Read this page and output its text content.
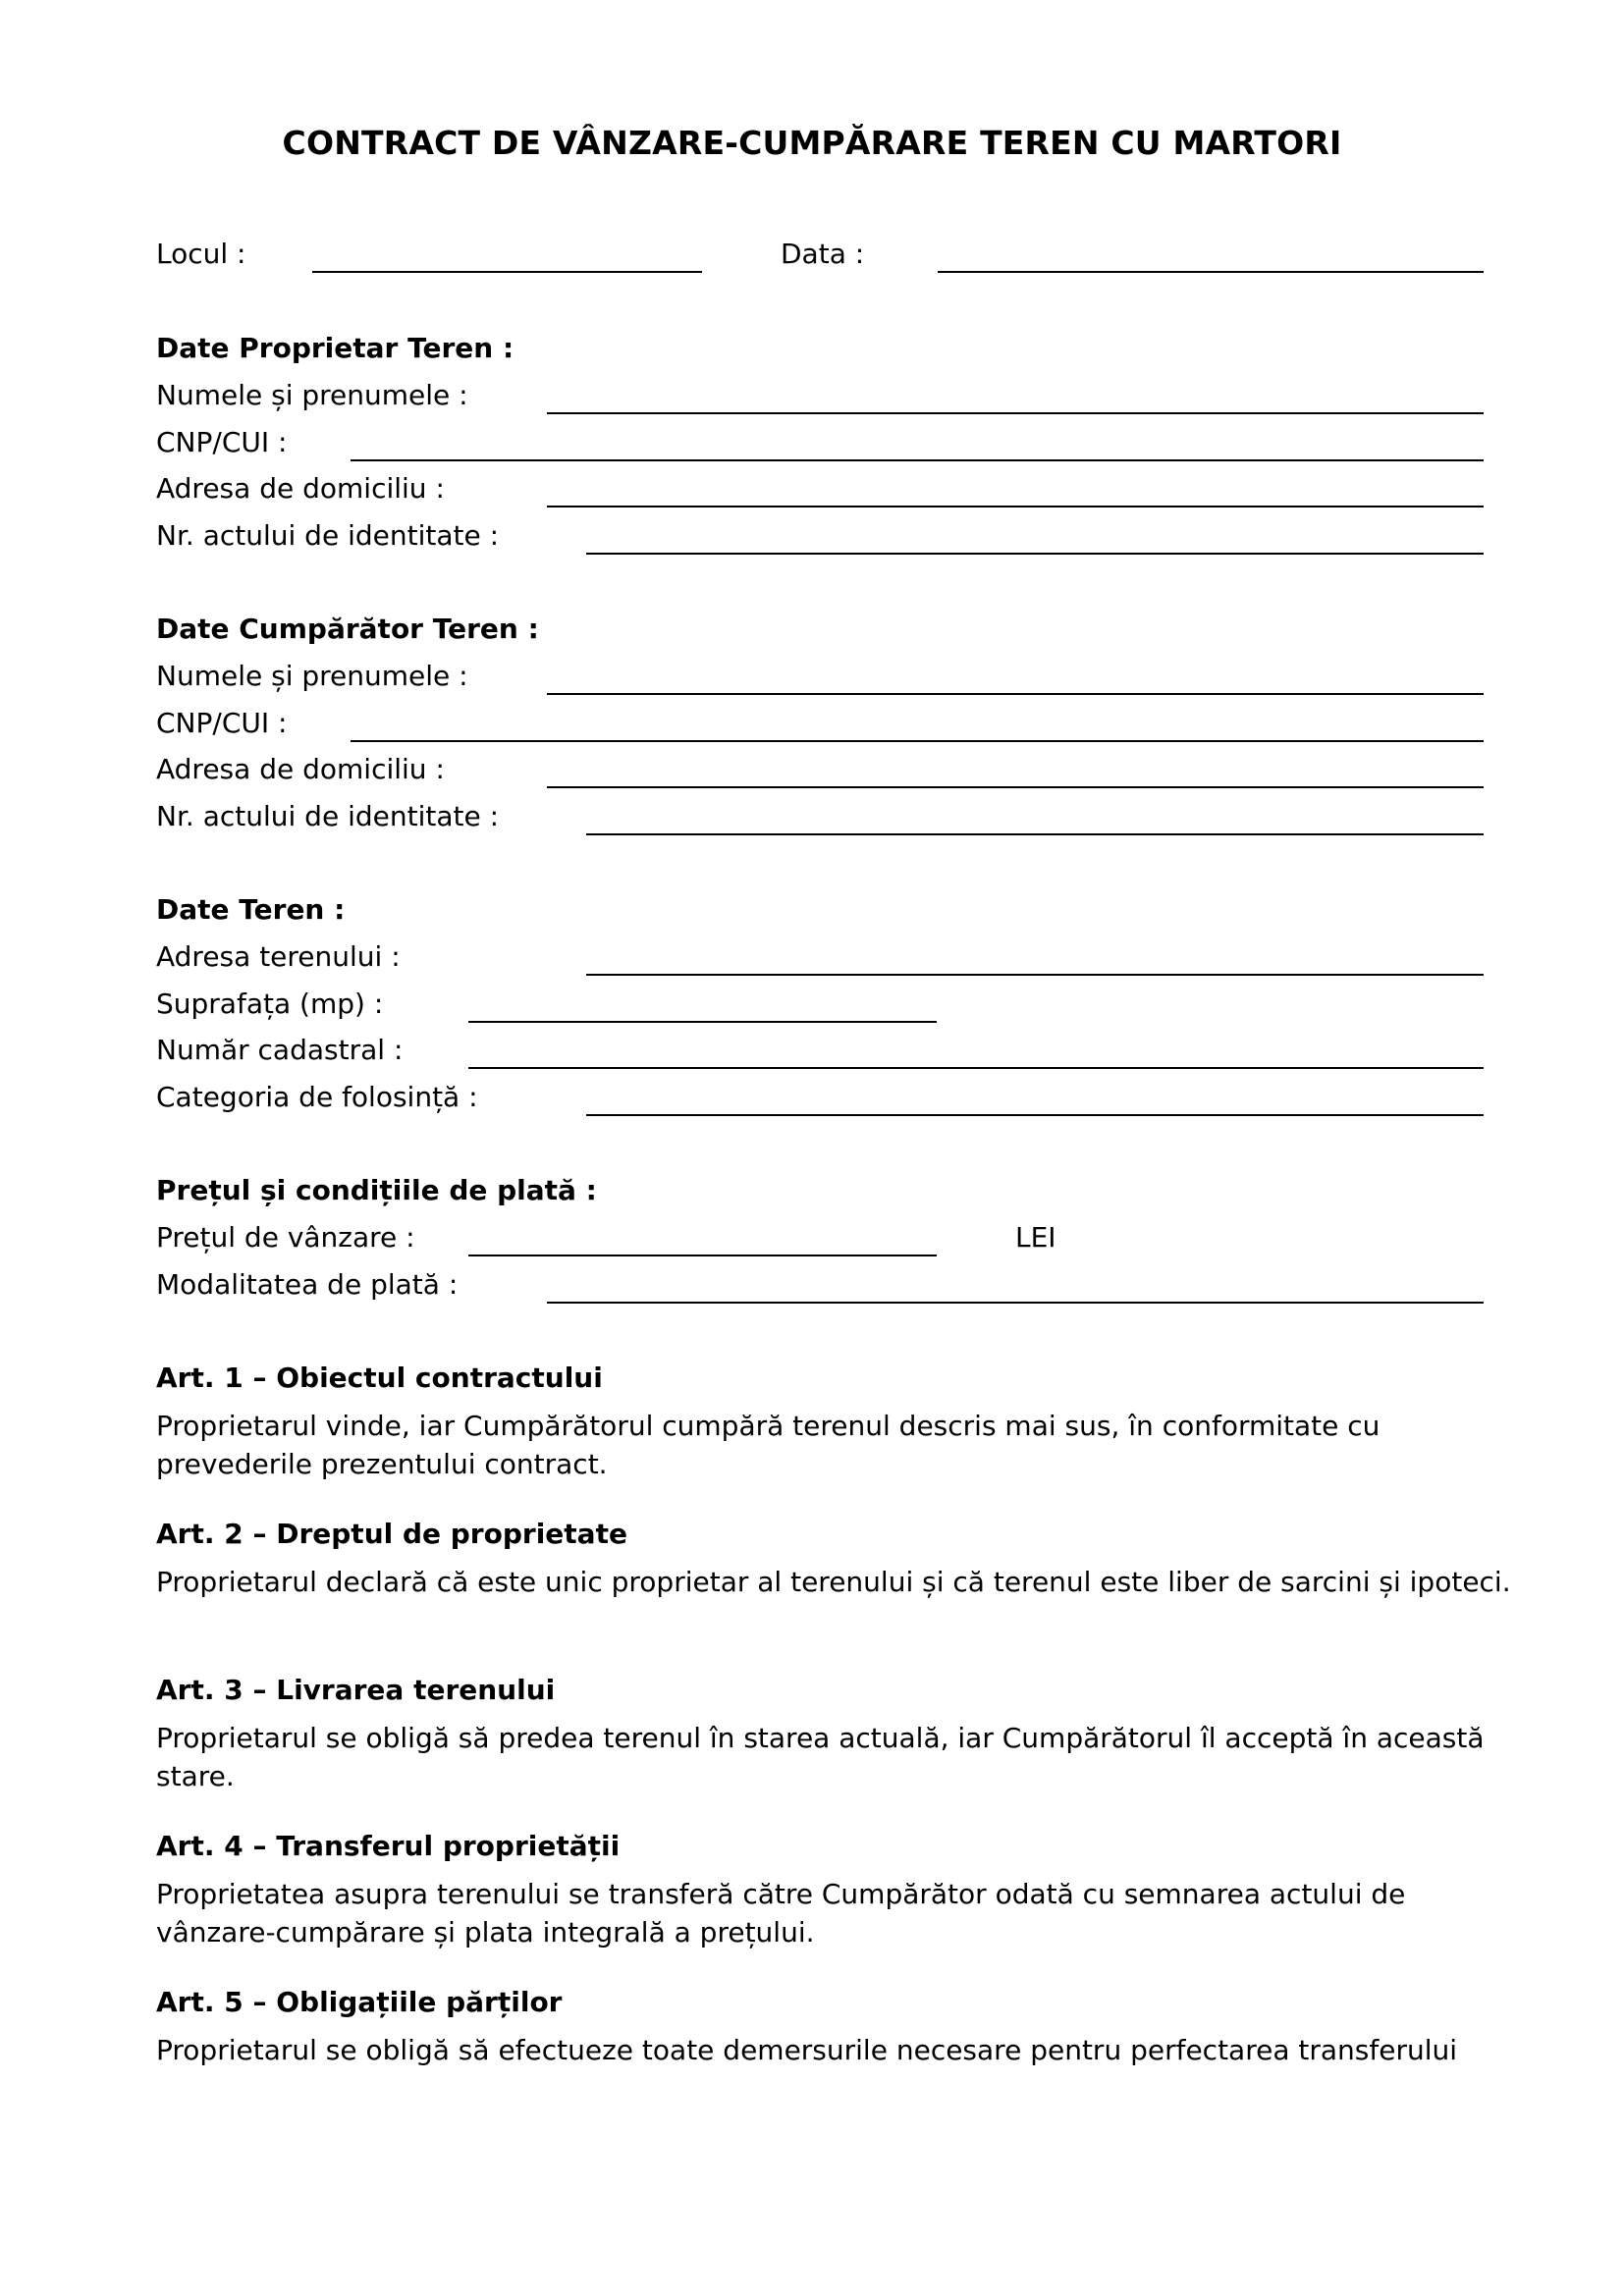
CONTRACT DE VÂNZARE-CUMPĂRARE TEREN CU MARTORI
Locul :	Data :
Date Proprietar Teren :
Numele și prenumele :
CNP/CUI :
Adresa de domiciliu :
Nr. actului de identitate :
Date Cumpărător Teren :
Numele și prenumele :
CNP/CUI :
Adresa de domiciliu :
Nr. actului de identitate :
Date Teren :
Adresa terenului :
Suprafața (mp) :
Număr cadastral :
Categoria de folosință :
Prețul și condițiile de plată :
Prețul de vânzare :	LEI
Modalitatea de plată :
Art. 1 – Obiectul contractului
Proprietarul vinde, iar Cumpărătorul cumpără terenul descris mai sus, în conformitate cu prevederile prezentului contract.
Art. 2 – Dreptul de proprietate
Proprietarul declară că este unic proprietar al terenului și că terenul este liber de sarcini și ipoteci.
Art. 3 – Livrarea terenului
Proprietarul se obligă să predea terenul în starea actuală, iar Cumpărătorul îl acceptă în această stare.
Art. 4 – Transferul proprietății
Proprietatea asupra terenului se transferă către Cumpărător odată cu semnarea actului de vânzare-cumpărare și plata integrală a prețului.
Art. 5 – Obligațiile părților
Proprietarul se obligă să efectueze toate demersurile necesare pentru perfectarea transferului
